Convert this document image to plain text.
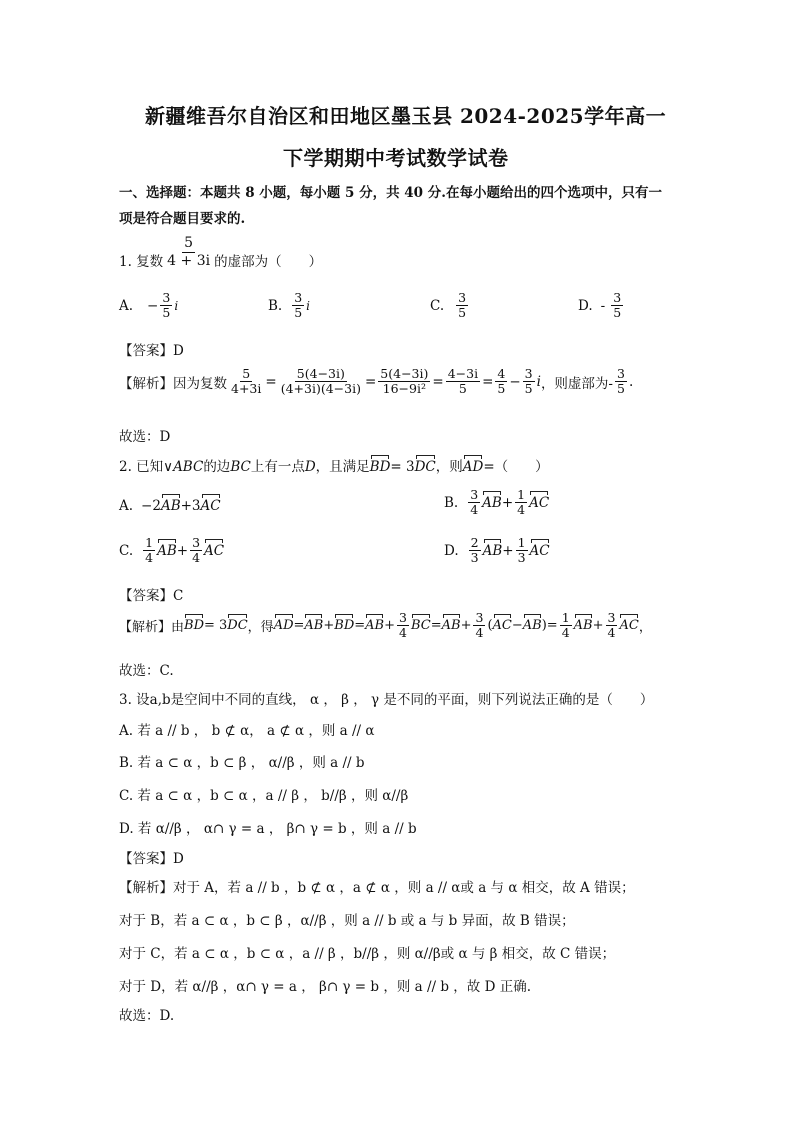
新疆维吾尔自治区和田地区墨玉县 2024-2025学年高一
下学期期中考试数学试卷
一、选择题：本题共 8 小题，每小题 5 分，共 40 分.在每小题给出的四个选项中，只有一
项是符合题目要求的.
1. 复数 $\frac{5}{4 + 3i}$ 的虚部为（　　）
A. − $\frac{3}{5}$ i	B. $\frac{3}{5}$ i	C. $\frac{3}{5}$	D. - $\frac{3}{5}$
【答案】D
【解析】因为复数 $\frac{5}{4+3i} = \frac{5(4-3i)}{(4+3i)(4-3i)} = \frac{5(4-3i)}{\text{16−9i²}} = \frac{4-3i}{5} = \frac{4}{5} - \frac{3}{5}$ i ，则虚部为- $\frac{3}{5}$ .
故选：D
2. 已知∨ ABC 的边 BC 上有一点 D ，且满足 BD = 3 DC ，则 AD =（　　）
A. −2 AB +3 AC	B. $\frac{3}{4}$ AB + $\frac{1}{4}$ AC
C. $\frac{1}{4}$ AB + $\frac{3}{4}$ AC	D. $\frac{2}{3}$ AB + $\frac{1}{3}$ AC
【答案】C
【解析】由 BD = 3 DC ，得 AD = AB + BD = AB + $\frac{3}{4}$ BC = AB + $\frac{3}{4}$ ( AC − AB ) = $\frac{1}{4}$ AB + $\frac{3}{4}$ AC ，
故选：C.
3. 设a,b是空间中不同的直线， α ， β ， γ 是不同的平面，则下列说法正确的是（　　）
A. 若 a // b ， b ⊄ α， a ⊄ α ，则 a // α
B. 若 a ⊂ α ，b ⊂ β ， α//β ，则 a // b
C. 若 a ⊂ α ，b ⊂ α ，a // β ， b//β ，则 α//β
D. 若 α//β ， α∩ γ = a ， β∩ γ = b ，则 a // b
【答案】D
【解析】对于 A，若 a // b ，b ⊄ α ，a ⊄ α ，则 a // α或 a 与 α 相交，故 A 错误；
对于 B，若 a ⊂ α ，b ⊂ β ，α//β ，则 a // b 或 a 与 b 异面，故 B 错误；
对于 C，若 a ⊂ α ，b ⊂ α ，a // β ，b//β ，则 α//β或 α 与 β 相交，故 C 错误；
对于 D，若 α//β ，α∩ γ = a ， β∩ γ = b ，则 a // b ，故 D 正确.
故选：D.
